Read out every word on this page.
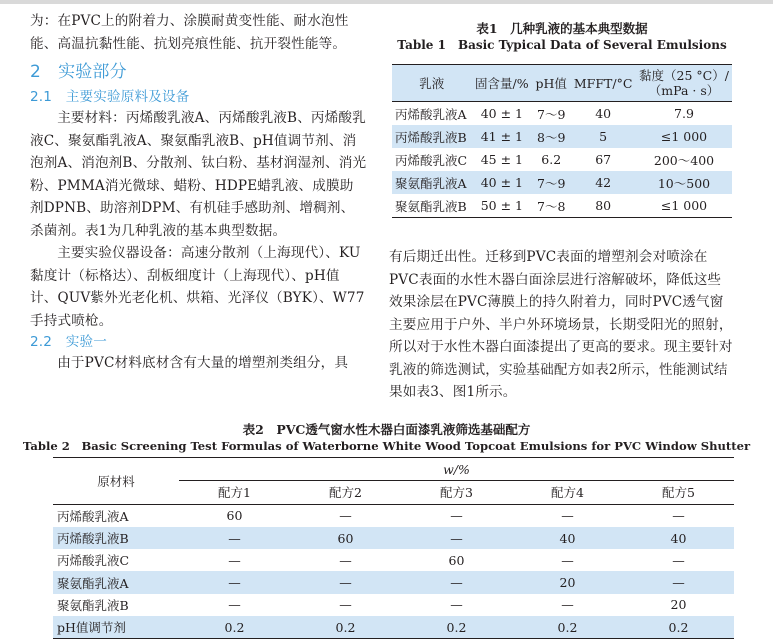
为：在PVC上的附着力、涂膜耐黄变性能、耐水泡性能、高温抗黏性能、抗划亮痕性能、抗开裂性能等。

2　实验部分
2.1　主要实验原料及设备

主要材料：丙烯酸乳液A、丙烯酸乳液B、丙烯酸乳液C、聚氨酯乳液A、聚氨酯乳液B、pH值调节剂、消泡剂A、消泡剂B、分散剂、钛白粉、基材润湿剂、消光粉、PMMA消光微球、蜡粉、HDPE蜡乳液、成膜助剂DPNB、助溶剂DPM、有机硅手感助剂、增稠剂、杀菌剂。表1为几种乳液的基本典型数据。

主要实验仪器设备：高速分散剂（上海现代）、KU黏度计（标格达）、刮板细度计（上海现代）、pH值计、QUV紫外光老化机、烘箱、光泽仪（BYK）、W77手持式喷枪。

2.2　实验一

由于PVC材料底材含有大量的增塑剂类组分，具

有后期迁出性。迁移到PVC表面的增塑剂会对喷涂在PVC表面的水性木器白面涂层进行溶解破坏，降低这些效果涂层在PVC薄膜上的持久附着力，同时PVC透气窗主要应用于户外、半户外环境场景，长期受阳光的照射，所以对于水性木器白面漆提出了更高的要求。现主要针对乳液的筛选测试，实验基础配方如表2所示，性能测试结果如表3、图1所示。

表1　几种乳液的基本典型数据
Table 1　Basic Typical Data of Several Emulsions
乳液	固含量/%	pH值	MFFT/°C	黏度（25 °C）/（mPa · s）
丙烯酸乳液A	40 ± 1	7～9	40	7.9
丙烯酸乳液B	41 ± 1	8～9	5	≤1 000
丙烯酸乳液C	45 ± 1	6.2	67	200～400
聚氨酯乳液A	40 ± 1	7～9	42	10～500
聚氨酯乳液B	50 ± 1	7～8	80	≤1 000
表2　PVC透气窗水性木器白面漆乳液筛选基础配方
Table 2　Basic Screening Test Formulas of Waterborne White Wood Topcoat Emulsions for PVC Window Shutter
原材料	w/%				
	配方1	配方2	配方3	配方4	配方5
丙烯酸乳液A	60	—	—	—	—
丙烯酸乳液B	—	60	—	40	40
丙烯酸乳液C	—	—	60	—	—
聚氨酯乳液A	—	—	—	20	—
聚氨酯乳液B	—	—	—	—	20
pH值调节剂	0.2	0.2	0.2	0.2	0.2
